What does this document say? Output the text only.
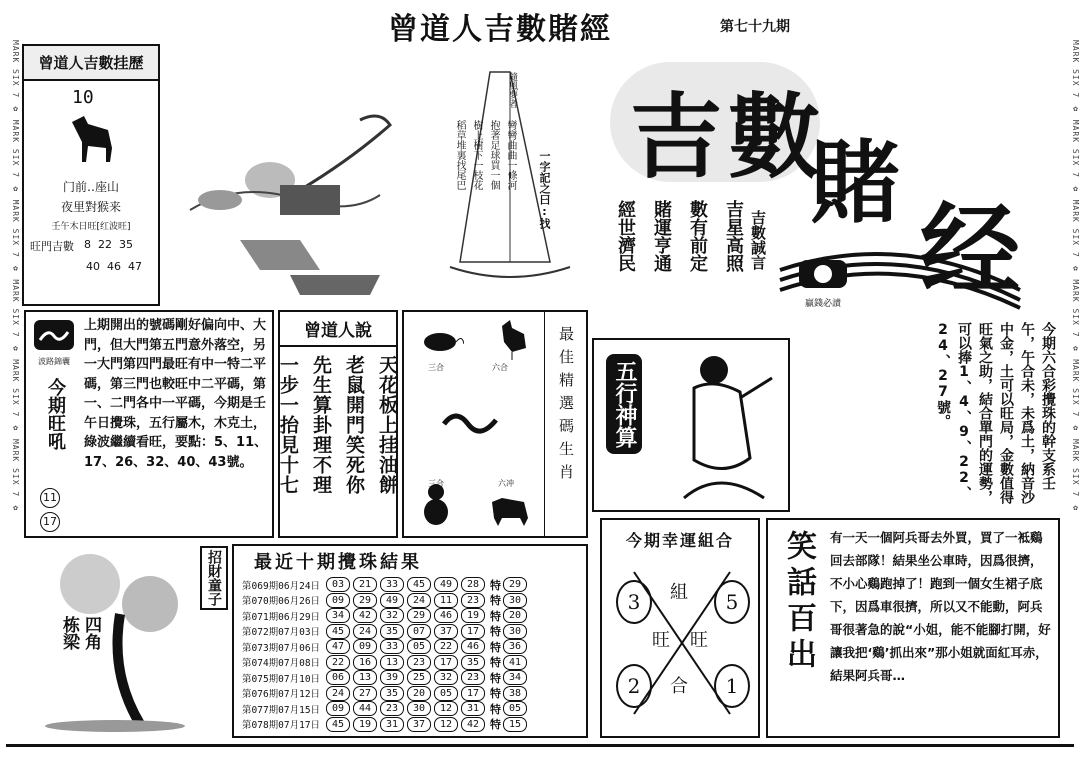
MARK SIX 7 ✿ MARK SIX 7 ✿ MARK SIX 7 ✿ MARK SIX 7 ✿ MARK SIX 7 ✿ MARK SIX 7 ✿	MARK SIX 7 ✿ MARK SIX 7 ✿ MARK SIX 7 ✿ MARK SIX 7 ✿ MARK SIX 7 ✿ MARK SIX 7 ✿
曾道人吉數賭經	第七十九期
曾道人吉數挂歷
10
门前‥座山
夜里對猴来
壬午木日旺[红波旺]
旺門吉數 8  22  35
40  46  47
隨風夢者
彎彎曲曲一條河
抱著足球買一個
樹上樹下一枝花
稻草堆裏找尾巴	一字記之曰:找 吉 數
賭
经
吉星高照
數有前定
賭運亨通
經世濟民	吉數誠言
贏錢必讀
波路錦囊
今期旺吼
11
17
上期開出的號碼剛好偏向中、大門，但大門第五門意外落空，另一大門第四門最旺有中一特二平碼，第三門也較旺中二平碼，第一、二門各中一平碼，今期是壬午日攪珠，五行屬木，木克土，綠波繼續看旺，要點：5、11、17、26、32、40、43號。
曾道人說
天花板上挂油餅
老鼠開門笑死你
先生算卦理不理
一步一抬見十七	三合	六合
三合	六冲	最佳精選碼生肖 五行神算	今期六合彩攪珠的幹支系壬午，午合未，未爲土，納音沙中金，土可以旺局，金數值得旺氣之助，結合單門的運勢，可以捧1、4、9、22、24、27號。
四角栋梁
招財童子	最近十期攪珠結果
第069期06月24日	03	21	33	45	49	28 特 29
第070期06月26日	09	29	49	24	11	23 特 30
第071期06月29日	34	42	32	29	46	19 特 20
第072期07月03日	45	24	35	07	37	17 特 30
第073期07月06日	47	09	33	05	22	46 特 36
第074期07月08日	22	16	13	23	17	35 特 41
第075期07月10日	06	13	39	25	32	23 特 34
第076期07月12日	24	27	35	20	05	17 特 38
第077期07月15日	09	44	23	30	12	31 特 05
第078期07月17日	45	19	31	37	12	42 特 15
今期幸運組合
3	5
2	1
組
旺 旺
合
笑話百出	有一天一個阿兵哥去外買，買了一袛鷄回去部隊！結果坐公車時，因爲很擠，不小心鷄跑掉了！跑到一個女生裙子底下，因爲車很擠，所以又不能動，阿兵哥很著急的說“小姐，能不能腳打開，好讓我把‘鷄’抓出來”那小姐就面紅耳赤，結果阿兵哥…
